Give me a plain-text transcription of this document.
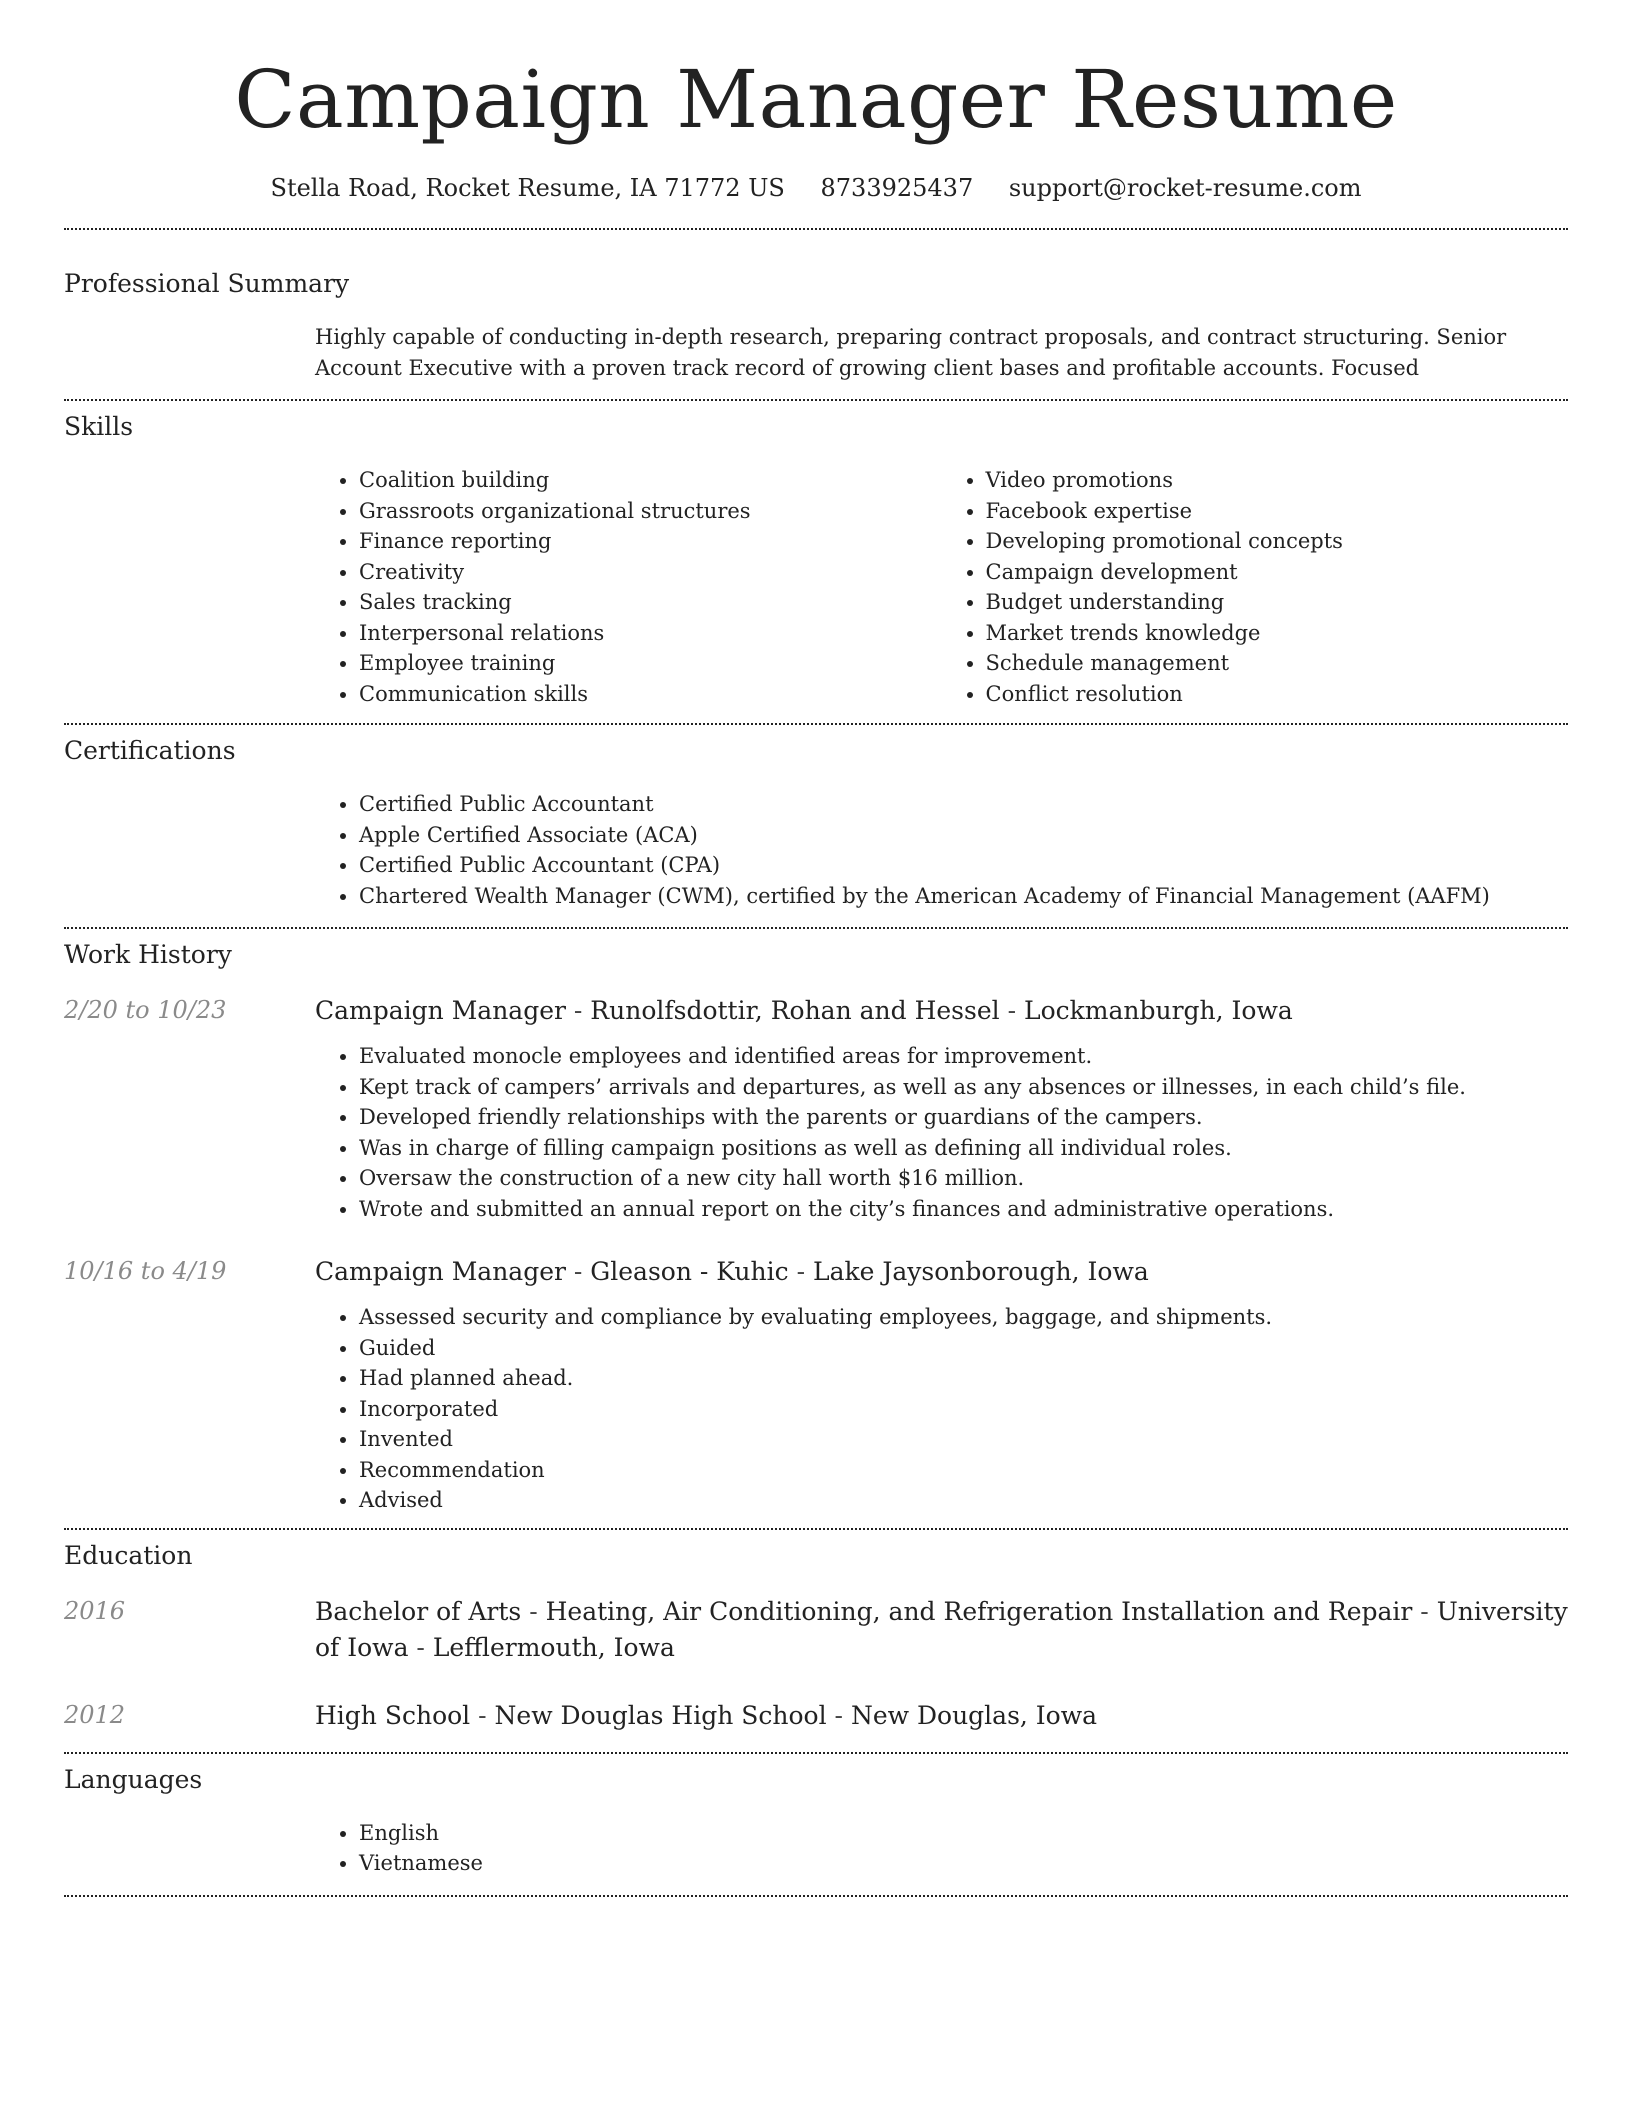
Campaign Manager Resume
Stella Road, Rocket Resume, IA 71772 US 8733925437 support@rocket-resume.com
Professional Summary

Highly capable of conducting in-depth research, preparing contract proposals, and contract structuring. Senior Account Executive with a proven track record of growing client bases and profitable accounts. Focused

Skills
• Coalition building
• Grassroots organizational structures
• Finance reporting
• Creativity
• Sales tracking
• Interpersonal relations
• Employee training
• Communication skills
• Video promotions
• Facebook expertise
• Developing promotional concepts
• Campaign development
• Budget understanding
• Market trends knowledge
• Schedule management
• Conflict resolution
Certifications
• Certified Public Accountant
• Apple Certified Associate (ACA)
• Certified Public Accountant (CPA)
• Chartered Wealth Manager (CWM), certified by the American Academy of Financial Management (AAFM)
Work History
2/20 to 10/23	Campaign Manager - Runolfsdottir, Rohan and Hessel - Lockmanburgh, Iowa

• Evaluated monocle employees and identified areas for improvement.
• Kept track of campers’ arrivals and departures, as well as any absences or illnesses, in each child’s file.
• Developed friendly relationships with the parents or guardians of the campers.
• Was in charge of filling campaign positions as well as defining all individual roles.
• Oversaw the construction of a new city hall worth $16 million.
• Wrote and submitted an annual report on the city’s finances and administrative operations.
10/16 to 4/19	Campaign Manager - Gleason - Kuhic - Lake Jaysonborough, Iowa

• Assessed security and compliance by evaluating employees, baggage, and shipments.
• Guided
• Had planned ahead.
• Incorporated
• Invented
• Recommendation
• Advised
Education
2016	Bachelor of Arts - Heating, Air Conditioning, and Refrigeration Installation and Repair - University of Iowa - Lefflermouth, Iowa

2012	High School - New Douglas High School - New Douglas, Iowa

Languages
• English
• Vietnamese
